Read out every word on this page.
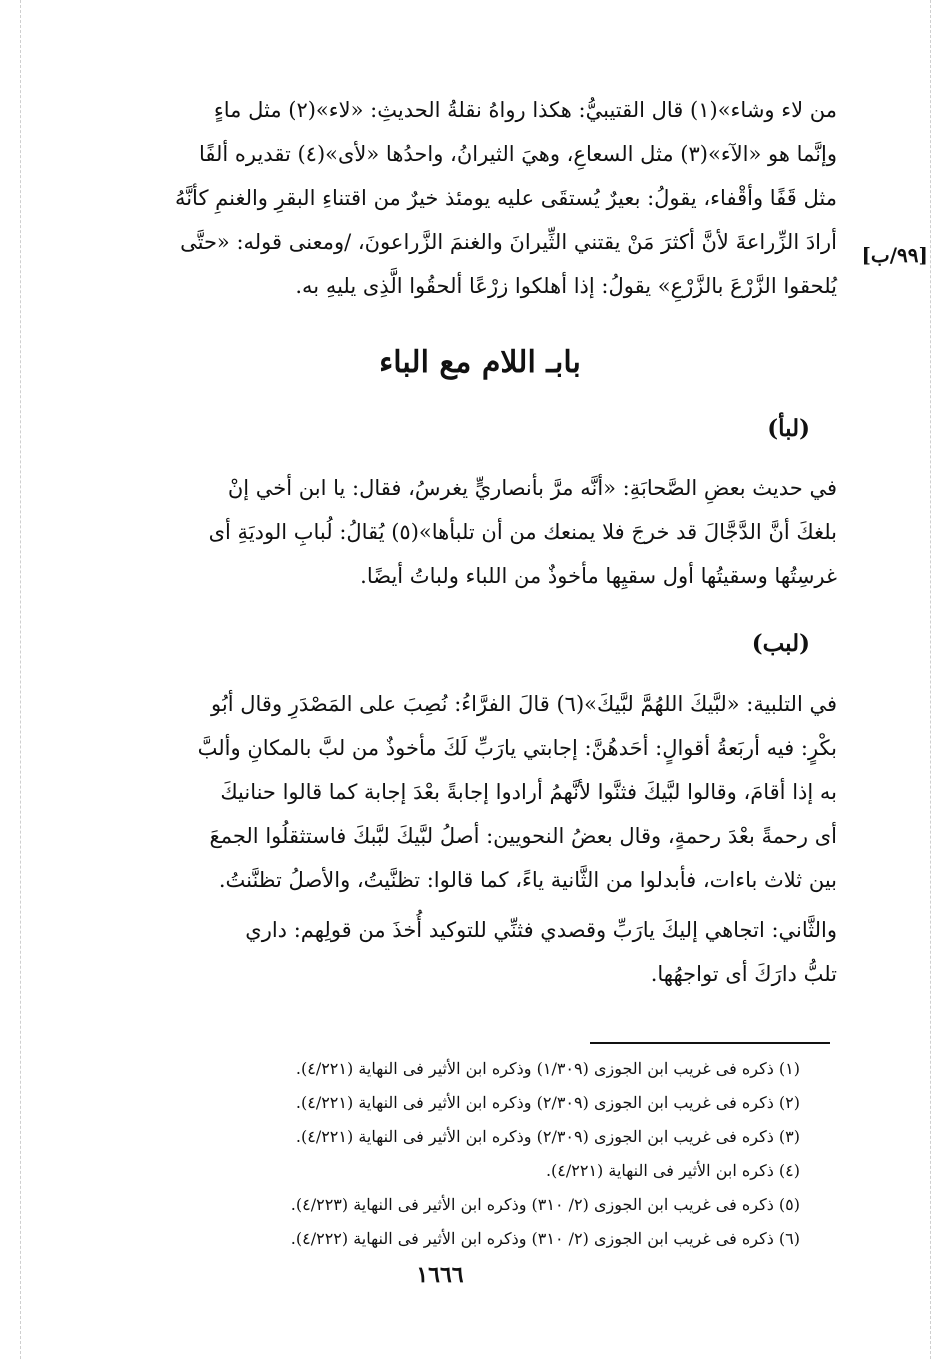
من لاء وشاء»(١) قال القتيبيُّ: هكذا رواهُ نقلةُ الحديثِ: «لاء»(٢) مثل ماءٍ

وإنَّما هو «الآء»(٣) مثل السعاعِ، وهيَ الثيرانُ، واحدُها «لأى»(٤) تقديره ألفًا

مثل قَفًا وأقْفاء، يقولُ: بعيرٌ يُستقَى عليه يومئذ خيرٌ من اقتناءِ البقرِ والغنمِ كأنَّهُ

أرادَ الزِّراعةَ لأنَّ أكثرَ مَنْ يقتني الثِّيرانَ والغنمَ الزَّراعونَ، /ومعنى قوله: «حتَّى

يُلحقوا الزَّرْعَ بالزَّرْعِ» يقولُ: إذا أهلكوا زرْعًا ألحقُوا الَّذِى يليهِ به.

[٩٩/ب]
بابـ اللام مع الباء
(لبأ)

في حديث بعضِ الصَّحابَةِ: «أنَّه مرَّ بأنصاريٍّ يغرسُ، فقال: يا ابن أخي إنْ

بلغكَ أنَّ الدَّجَّالَ قد خرجَ فلا يمنعك من أن تلبأها»(٥) يُقالُ: لُبابِ الوديَةِ أى

غرسِتُها وسقيتُها أول سقيِها مأخوذٌ من اللباء ولباتُ أيضًا.

(لبب)

في التلبية: «لبَّيكَ اللهُمَّ لبَّيكَ»(٦) قالَ الفرَّاءُ: نُصِبَ على المَصْدَرِ وقال أبُو

بكْرٍ: فيه أربَعةُ أقوالٍ: أحَدهُنَّ: إجابتي يارَبِّ لَكَ مأخوذٌ من لبَّ بالمكانِ وألبَّ

به إذا أقامَ، وقالوا لبَّيكَ فثنَّوا لأنَّهمُ أرادوا إجابةً بعْدَ إجابة كما قالوا حنانيكَ

أى رحمةً بعْدَ رحمةٍ، وقال بعضُ النحويين: أصلُ لبَّيكَ لبَّبكَ فاستثقلُوا الجمعَ

بين ثلاث باءات، فأبدلوا من الثَّانية ياءً، كما قالوا: تظنَّيتُ، والأصلُ تظنَّنتُ.

والثَّاني: اتجاهي إليكَ يارَبِّ وقصدي فثنِّي للتوكيد أُخذَ من قولِهم: داري

تلبُّ دارَكَ أى تواجهُها.

(١) ذكره فى غريب ابن الجوزى (١/٣٠٩) وذكره ابن الأثير فى النهاية (٤/٢٢١).

(٢) ذكره فى غريب ابن الجوزى (٢/٣٠٩) وذكره ابن الأثير فى النهاية (٤/٢٢١).

(٣) ذكره فى غريب ابن الجوزى (٢/٣٠٩) وذكره ابن الأثير فى النهاية (٤/٢٢١).

(٤) ذكره ابن الأثير فى النهاية (٤/٢٢١).

(٥) ذكره فى غريب ابن الجوزى (٢/ ٣١٠) وذكره ابن الأثير فى النهاية (٤/٢٢٣).

(٦) ذكره فى غريب ابن الجوزى (٢/ ٣١٠) وذكره ابن الأثير فى النهاية (٤/٢٢٢).

١٦٦٦
